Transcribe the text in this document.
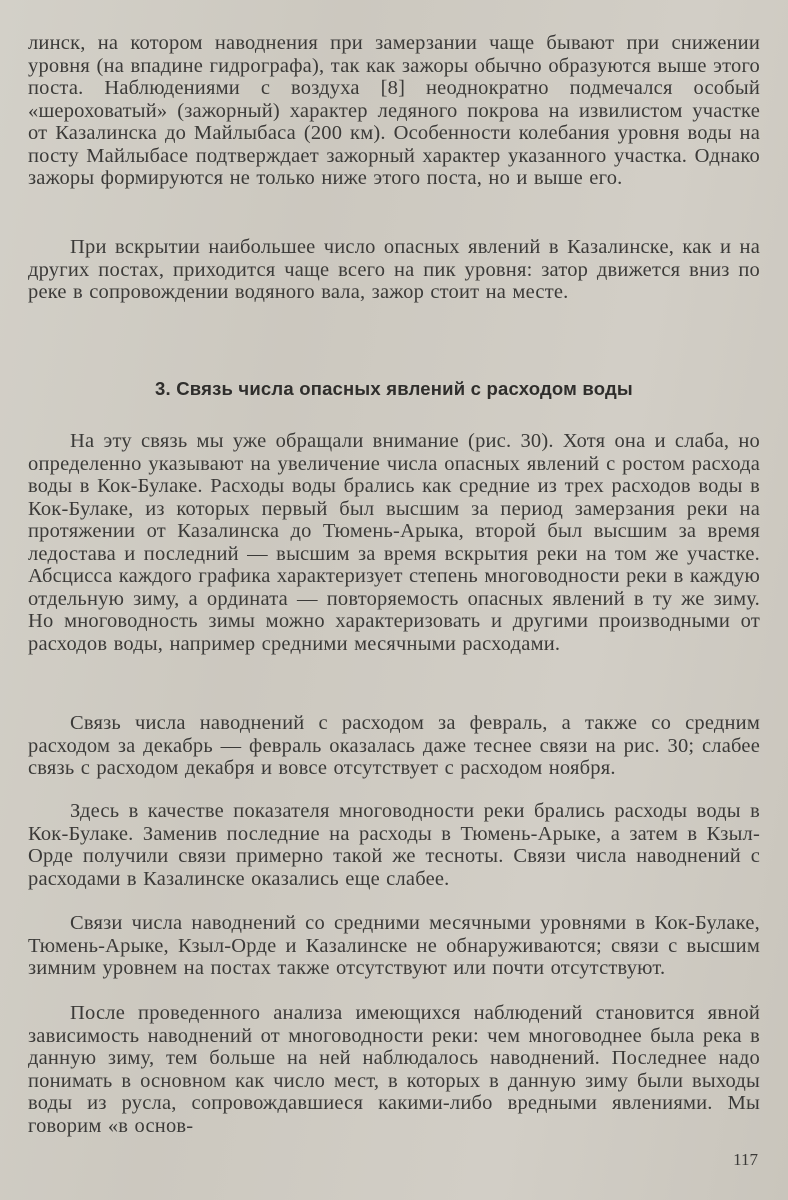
линск, на котором наводнения при замерзании чаще бывают при снижении уровня (на впадине гидрографа), так как зажоры обычно образуются выше этого поста. Наблюдениями с воздуха [8] неоднократно подмечался особый «шероховатый» (зажорный) характер ледяного покрова на извилистом участке от Казалинска до Майлыбаса (200 км). Особенности колебания уровня воды на посту Майлыбасе подтверждает зажорный характер указанного участка. Однако зажоры формируются не только ниже этого поста, но и выше его.

При вскрытии наибольшее число опасных явлений в Казалинске, как и на других постах, приходится чаще всего на пик уровня: затор движется вниз по реке в сопровождении водяного вала, зажор стоит на месте.

3. Связь числа опасных явлений с расходом воды

На эту связь мы уже обращали внимание (рис. 30). Хотя она и слаба, но определенно указывают на увеличение числа опасных явлений с ростом расхода воды в Кок-Булаке. Расходы воды брались как средние из трех расходов воды в Кок-Булаке, из которых первый был высшим за период замерзания реки на протяжении от Казалинска до Тюмень-Арыка, второй был высшим за время ледостава и последний — высшим за время вскрытия реки на том же участке. Абсцисса каждого графика характеризует степень многоводности реки в каждую отдельную зиму, а ордината — повторяемость опасных явлений в ту же зиму. Но многоводность зимы можно характеризовать и другими производными от расходов воды, например средними месячными расходами.

Связь числа наводнений с расходом за февраль, а также со средним расходом за декабрь — февраль оказалась даже теснее связи на рис. 30; слабее связь с расходом декабря и вовсе отсутствует с расходом ноября.

Здесь в качестве показателя многоводности реки брались расходы воды в Кок-Булаке. Заменив последние на расходы в Тюмень-Арыке, а затем в Кзыл-Орде получили связи примерно такой же тесноты. Связи числа наводнений с расходами в Казалинске оказались еще слабее.

Связи числа наводнений со средними месячными уровнями в Кок-Булаке, Тюмень-Арыке, Кзыл-Орде и Казалинске не обнаруживаются; связи с высшим зимним уровнем на постах также отсутствуют или почти отсутствуют.

После проведенного анализа имеющихся наблюдений становится явной зависимость наводнений от многоводности реки: чем многоводнее была река в данную зиму, тем больше на ней наблюдалось наводнений. Последнее надо понимать в основном как число мест, в которых в данную зиму были выходы воды из русла, сопровождавшиеся какими-либо вредными явлениями. Мы говорим «в основ-

117
